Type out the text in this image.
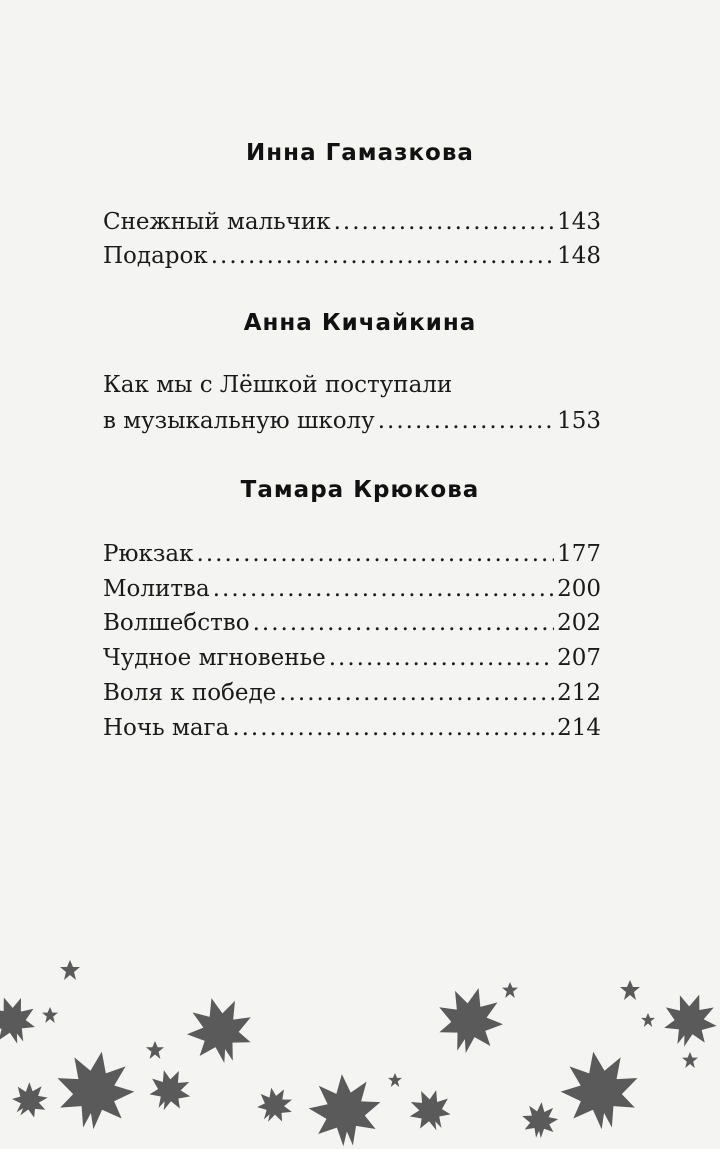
Инна Гамазкова
Снежный мальчик .....	143
Подарок .....	148
Анна Кичайкина
Как мы с Лёшкой поступали
в музыкальную школу .....	153
Тамара Крюкова
Рюкзак .....	177
Молитва .....	200
Волшебство .....	202
Чудное мгновенье .....	207
Воля к победе .....	212
Ночь мага .....	214
